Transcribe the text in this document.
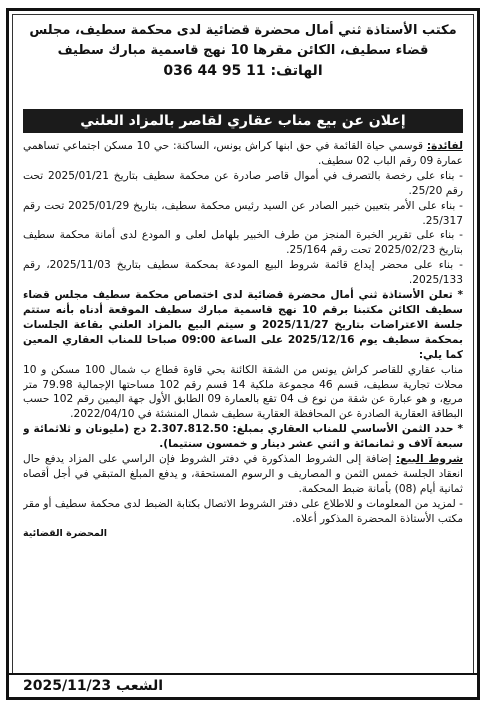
مكتب الأستاذة ثني أمال محضرة قضائية لدى محكمة سطيف، مجلس
قضاء سطيف، الكائن مقرها 10 نهج قاسمية مبارك سطيف
الهاتف: 036 44 95 11
إعلان عن بيع مناب عقاري لقاصر بالمزاد العلني

لفائدة: قوسمي حياة القائمة في حق ابنها كراش يونس، الساكنة: حي 10 مسكن اجتماعي تساهمي عمارة 09 رقم الباب 02 سطيف.

- بناء على رخصة بالتصرف في أموال قاصر صادرة عن محكمة سطيف بتاريخ 2025/01/21 تحت رقم 25/20.

- بناء على الأمر بتعيين خبير الصادر عن السيد رئيس محكمة سطيف، بتاريخ 2025/01/29 تحت رقم 25/317.

- بناء على تقرير الخبرة المنجز من طرف الخبير بلهامل لعلى و المودع لدى أمانة محكمة سطيف بتاريخ 2025/02/23 تحت رقم 25/164.

- بناء على محضر إيداع قائمة شروط البيع المودعة بمحكمة سطيف بتاريخ 2025/11/03، رقم 2025/133.

* تعلن الأستاذة ثني أمال محضرة قضائية لدى اختصاص محكمة سطيف مجلس قضاء سطيف الكائن مكتبنا برقم 10 نهج قاسمية مبارك سطيف الموقعة أدناه بأنه ستتم جلسة الاعتراضات بتاريخ 2025/11/27 و سيتم البيع بالمزاد العلني بقاعة الجلسات بمحكمة سطيف يوم 2025/12/16 على الساعة 09:00 صباحا للمناب العقاري المعين كما يلي:

مناب عقاري للقاصر كراش يونس من الشقة الكائنة بحي قاوة قطاع ب شمال 100 مسكن و 10 محلات تجارية سطيف، قسم 46 مجموعة ملكية 14 قسم رقم 102 مساحتها الإجمالية 79.98 متر مربع، و هو عبارة عن شقة من نوع ف 04 تقع بالعمارة 09 الطابق الأول جهة اليمين رقم 102 حسب البطاقة العقارية الصادرة عن المحافظة العقارية سطيف شمال المنشئة في 2022/04/10.

* حدد الثمن الأساسي للمناب العقاري بمبلغ: 2.307.812.50 دج (مليونان و ثلاثمائة و سبعة آلاف و ثمانمائة و اثني عشر دينار و خمسون سنتيما).

شروط البيع: إضافة إلى الشروط المذكورة في دفتر الشروط فإن الراسي على المزاد يدفع حال انعقاد الجلسة خمس الثمن و المصاريف و الرسوم المستحقة، و يدفع المبلغ المتبقي في أجل أقصاه ثمانية أيام (08) بأمانة ضبط المحكمة.

- لمزيد من المعلومات و للاطلاع على دفتر الشروط الاتصال بكتابة الضبط لدى محكمة سطيف أو مقر مكتب الأستاذة المحضرة المذكور أعلاه.

المحضرة القضائية

الشعب 2025/11/23
